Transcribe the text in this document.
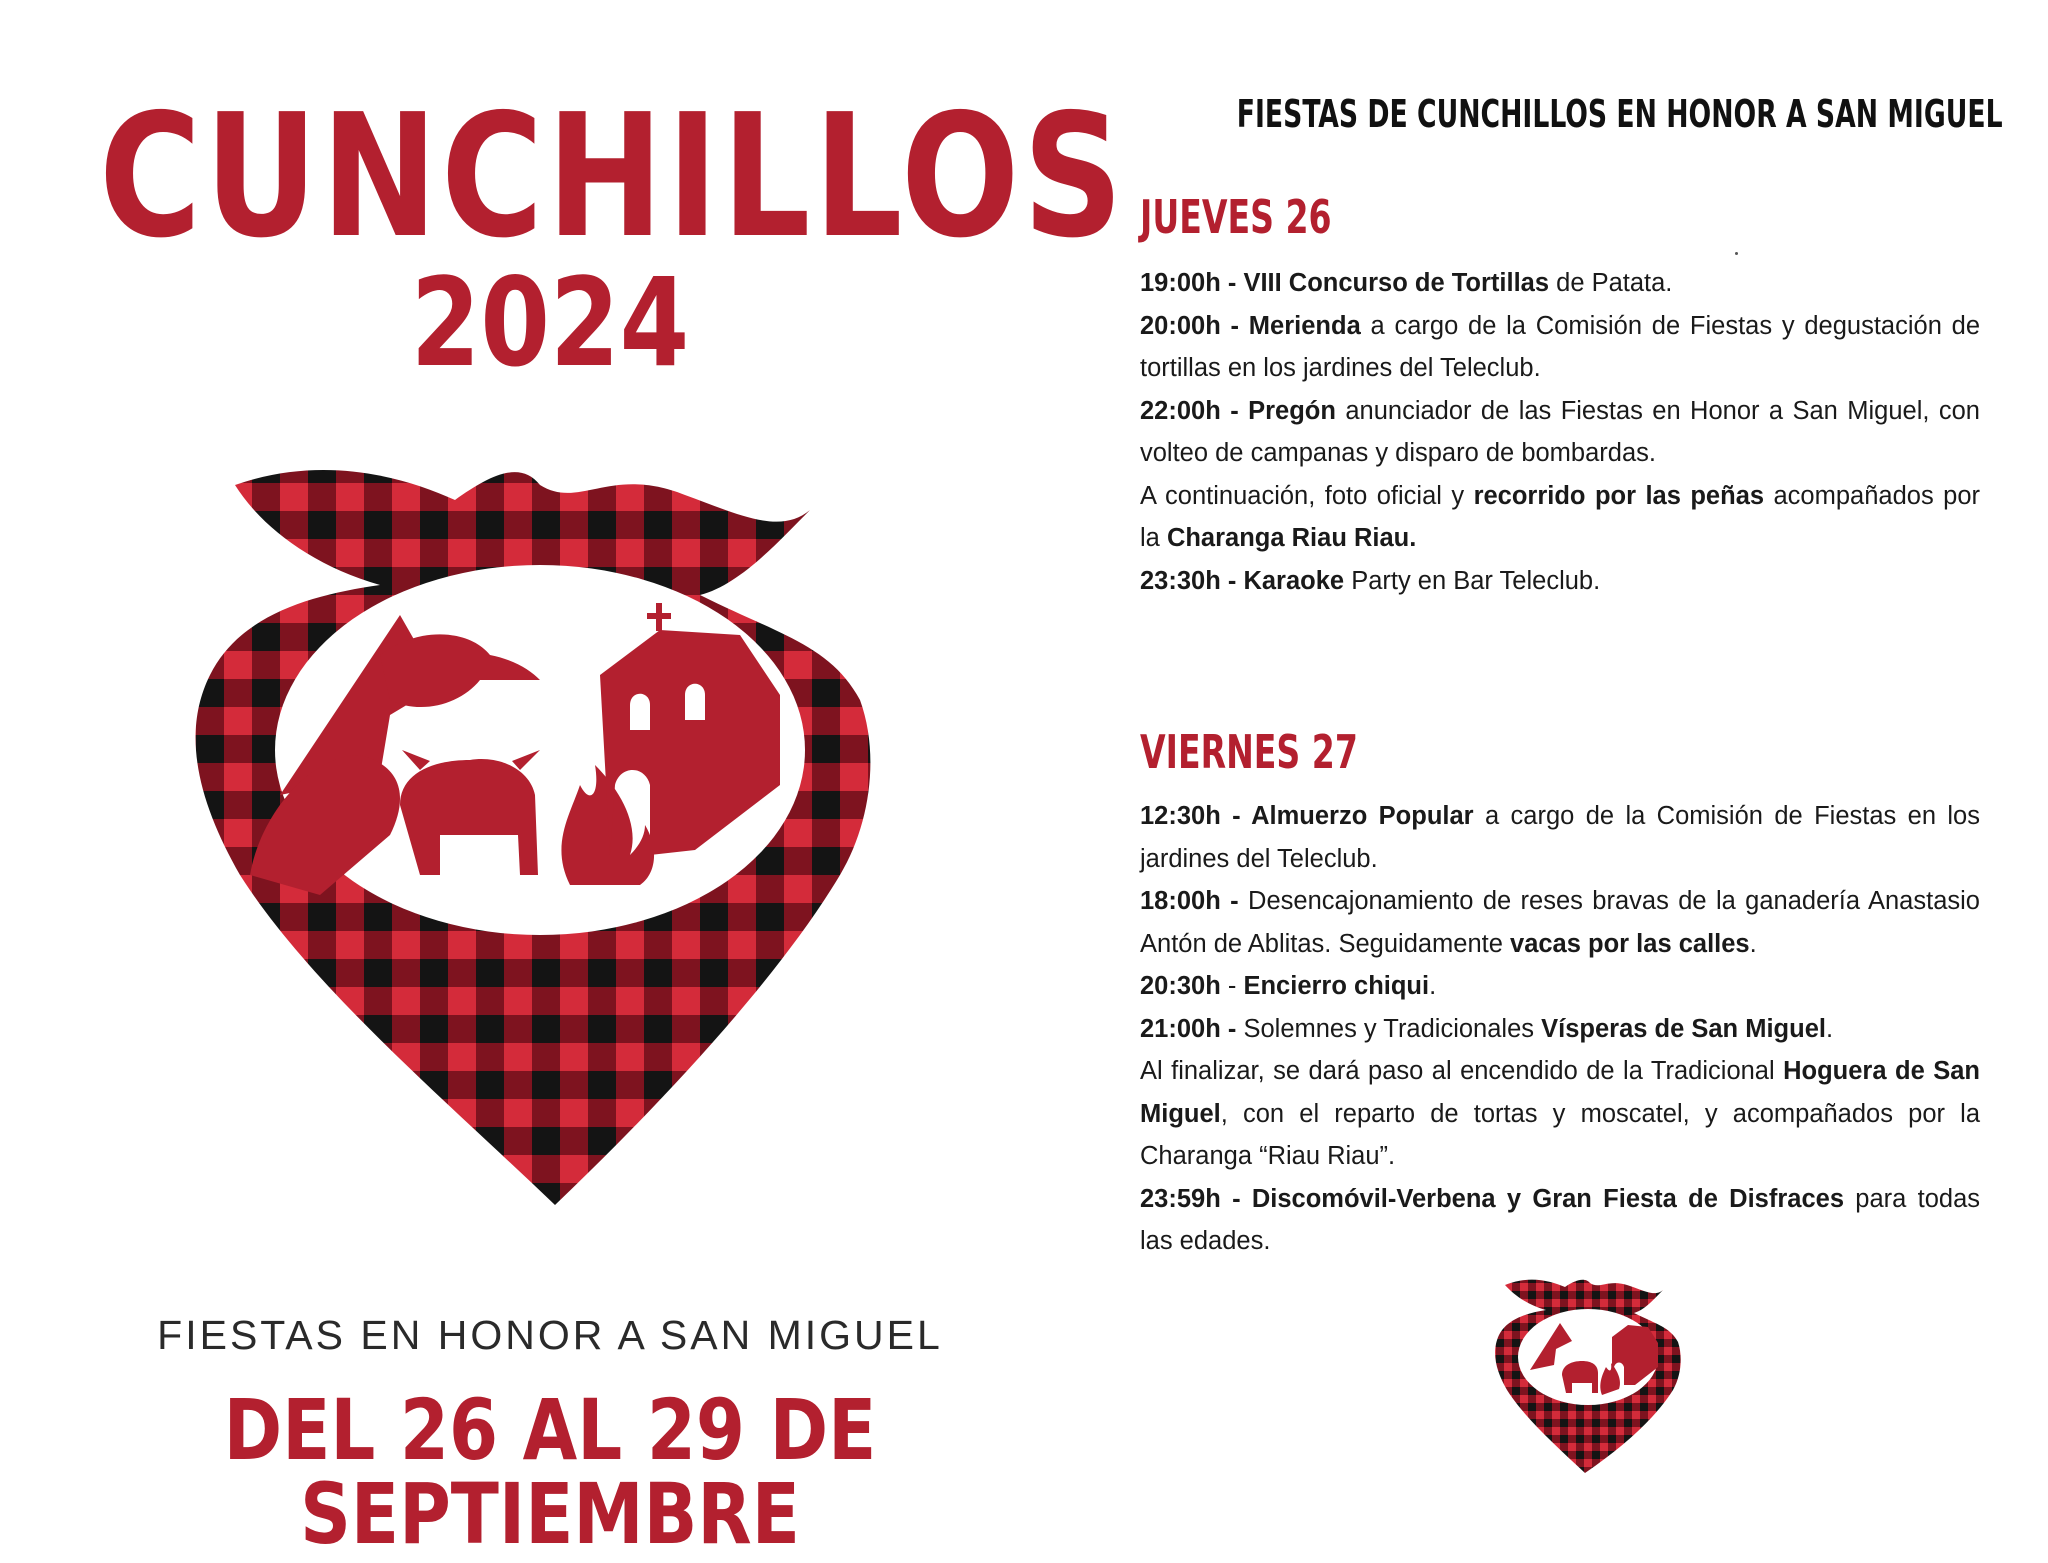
CUNCHILLOS
2024

FIESTAS EN HONOR A SAN MIGUEL

DEL 26 AL 29 DE SEPTIEMBRE

FIESTAS DE CUNCHILLOS EN HONOR A SAN MIGUEL
JUEVES 26

19:00h - VIII Concurso de Tortillas de Patata.

20:00h - Merienda a cargo de la Comisión de Fiestas y degustación de tortillas en los jardines del Teleclub.

22:00h - Pregón anunciador de las Fiestas en Honor a San Miguel, con volteo de campanas y disparo de bombardas.

A continuación, foto oficial y recorrido por las peñas acompañados por la Charanga Riau Riau.

23:30h - Karaoke Party en Bar Teleclub.

VIERNES 27

12:30h - Almuerzo Popular a cargo de la Comisión de Fiestas en los jardines del Teleclub.

18:00h - Desencajonamiento de reses bravas de la ganadería Anastasio Antón de Ablitas. Seguidamente vacas por las calles.

20:30h - Encierro chiqui.

21:00h - Solemnes y Tradicionales Vísperas de San Miguel.

Al finalizar, se dará paso al encendido de la Tradicional Hoguera de San Miguel, con el reparto de tortas y moscatel, y acompañados por la Charanga “Riau Riau”.

23:59h - Discomóvil-Verbena y Gran Fiesta de Disfraces para todas las edades.
